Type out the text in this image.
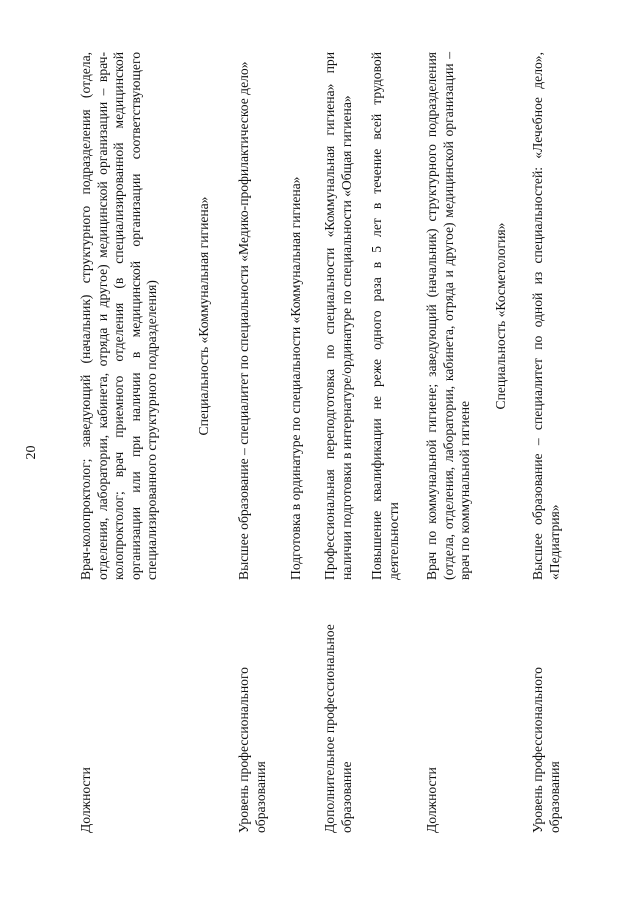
20
Должности
Врач-колопроктолог; заведующий (начальник) структурного подразделения (отдела, отделения, лаборатории, кабинета, отряда и другое) медицинской организации – врач-колопроктолог; врач приемного отделения (в специализированной медицинской организации или при наличии в медицинской организации соответствующего специализированного структурного подразделения)	Специальность «Коммунальная гигиена»
Уровень профессионального образования
Высшее образование – специалитет по специальности «Медико-профилактическое дело»
Дополнительное профессиональное образование
Подготовка в ординатуре по специальности «Коммунальная гигиена» Профессиональная переподготовка по специальности «Коммунальная гигиена» при наличии подготовки в интернатуре/ординатуре по специальности «Общая гигиена» Повышение квалификации не реже одного раза в 5 лет в течение всей трудовой деятельности
Должности
Врач по коммунальной гигиене; заведующий (начальник) структурного подразделения (отдела, отделения, лаборатории, кабинета, отряда и другое) медицинской организации – врач по коммунальной гигиене
Специальность «Косметология»
Уровень профессионального образования
Высшее образование – специалитет по одной из специальностей: «Лечебное дело», «Педиатрия»
